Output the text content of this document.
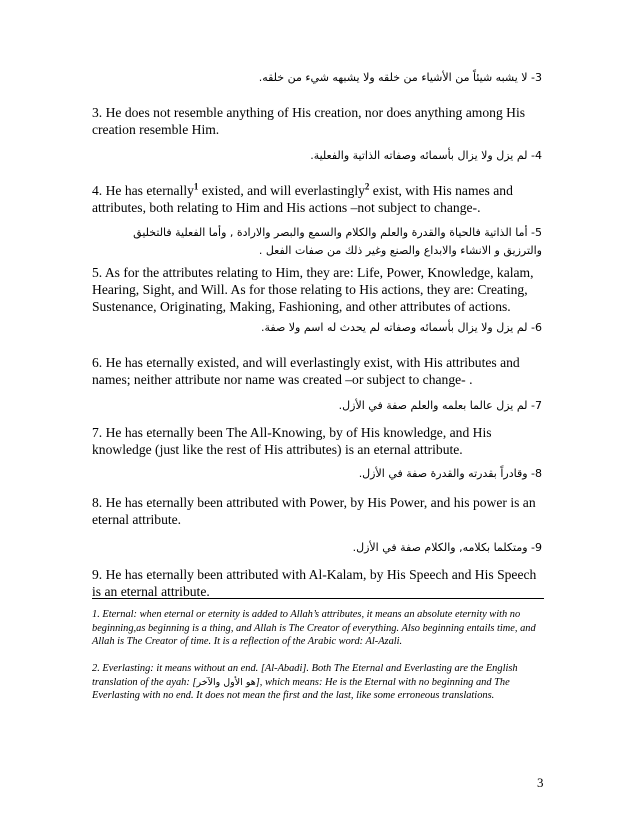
3- لا يشبه شيئاً من الأشياء من خلقه ولا يشبهه شيء من خلقه.
3. He does not resemble anything of His creation, nor does anything among His creation resemble Him.
4- لم يزل ولا يزال بأسمائه وصفاته الذاتية والفعلية.
4. He has eternally$^1$ existed, and will everlastingly$^2$ exist, with His names and attributes, both relating to Him and His actions –not subject to change-.
5- أما الذاتية فالحياة والقدرة والعلم والكلام والسمع والبصر والارادة , وأما الفعلية فالتخليق والترزيق و الانشاء والابداع والصنع وغير ذلك من صفات الفعل .
5. As for the attributes relating to Him, they are: Life, Power, Knowledge, kalam, Hearing, Sight, and Will. As for those relating to His actions, they are: Creating, Sustenance, Originating, Making, Fashioning, and other attributes of actions.
6- لم يزل ولا يزال بأسمائه وصفاته لم يحدث له اسم ولا صفة.
6. He has eternally existed, and will everlastingly exist, with His attributes and names; neither attribute nor name was created –or subject to change- .
7- لم يزل عالما بعلمه والعلم صفة في الأزل.
7. He has eternally been The All-Knowing, by of His knowledge, and His knowledge (just like the rest of His attributes) is an eternal attribute.
8- وقادراً بقدرته والقدرة صفة في الأزل.
8. He has eternally been attributed with Power, by His Power, and his power is an eternal attribute.
9- ومتكلما بكلامه, والكلام صفة في الأزل.
9. He has eternally been attributed with Al-Kalam, by His Speech and His Speech is an eternal attribute.
1. Eternal: when eternal or eternity is added to Allah’s attributes, it means an absolute eternity with no beginning,as beginning is a thing, and Allah is The Creator of everything. Also beginning entails time, and Allah is The Creator of time. It is a reflection of the Arabic word: Al-Azali.
2. Everlasting: it means without an end. [Al-Abadi]. Both The Eternal and Everlasting are the English translation of the ayah: [هو الأول والآخر], which means: He is the Eternal with no beginning and The Everlasting with no end. It does not mean the first and the last, like some erroneous translations.
3
